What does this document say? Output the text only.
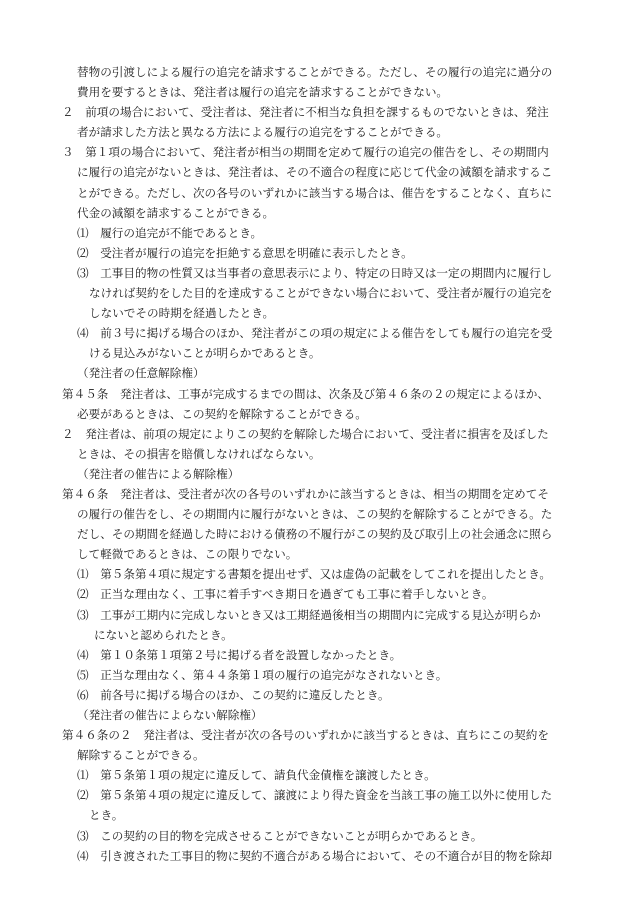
替物の引渡しによる履行の追完を請求することができる。ただし、その履行の追完に過分の
費用を要するときは、発注者は履行の追完を請求することができない。
２　前項の場合において、受注者は、発注者に不相当な負担を課するものでないときは、発注
者が請求した方法と異なる方法による履行の追完をすることができる。
３　第１項の場合において、発注者が相当の期間を定めて履行の追完の催告をし、その期間内
に履行の追完がないときは、発注者は、その不適合の程度に応じて代金の減額を請求するこ
とができる。ただし、次の各号のいずれかに該当する場合は、催告をすることなく、直ちに
代金の減額を請求することができる。
⑴　履行の追完が不能であるとき。
⑵　受注者が履行の追完を拒絶する意思を明確に表示したとき。
⑶　工事目的物の性質又は当事者の意思表示により、特定の日時又は一定の期間内に履行し
なければ契約をした目的を達成することができない場合において、受注者が履行の追完を
しないでその時期を経過したとき。
⑷　前３号に掲げる場合のほか、発注者がこの項の規定による催告をしても履行の追完を受
ける見込みがないことが明らかであるとき。
（発注者の任意解除権）
第４５条　発注者は、工事が完成するまでの間は、次条及び第４６条の２の規定によるほか、
必要があるときは、この契約を解除することができる。
２　発注者は、前項の規定によりこの契約を解除した場合において、受注者に損害を及ぼした
ときは、その損害を賠償しなければならない。
（発注者の催告による解除権）
第４６条　発注者は、受注者が次の各号のいずれかに該当するときは、相当の期間を定めてそ
の履行の催告をし、その期間内に履行がないときは、この契約を解除することができる。た
だし、その期間を経過した時における債務の不履行がこの契約及び取引上の社会通念に照ら
して軽微であるときは、この限りでない。
⑴　第５条第４項に規定する書類を提出せず、又は虚偽の記載をしてこれを提出したとき。
⑵　正当な理由なく、工事に着手すべき期日を過ぎても工事に着手しないとき。
⑶　工事が工期内に完成しないとき又は工期経過後相当の期間内に完成する見込が明らか
にないと認められたとき。
⑷　第１０条第１項第２号に掲げる者を設置しなかったとき。
⑸　正当な理由なく、第４４条第１項の履行の追完がなされないとき。
⑹　前各号に掲げる場合のほか、この契約に違反したとき。
（発注者の催告によらない解除権）
第４６条の２　発注者は、受注者が次の各号のいずれかに該当するときは、直ちにこの契約を
解除することができる。
⑴　第５条第１項の規定に違反して、請負代金債権を譲渡したとき。
⑵　第５条第４項の規定に違反して、譲渡により得た資金を当該工事の施工以外に使用した
とき。
⑶　この契約の目的物を完成させることができないことが明らかであるとき。
⑷　引き渡された工事目的物に契約不適合がある場合において、その不適合が目的物を除却
